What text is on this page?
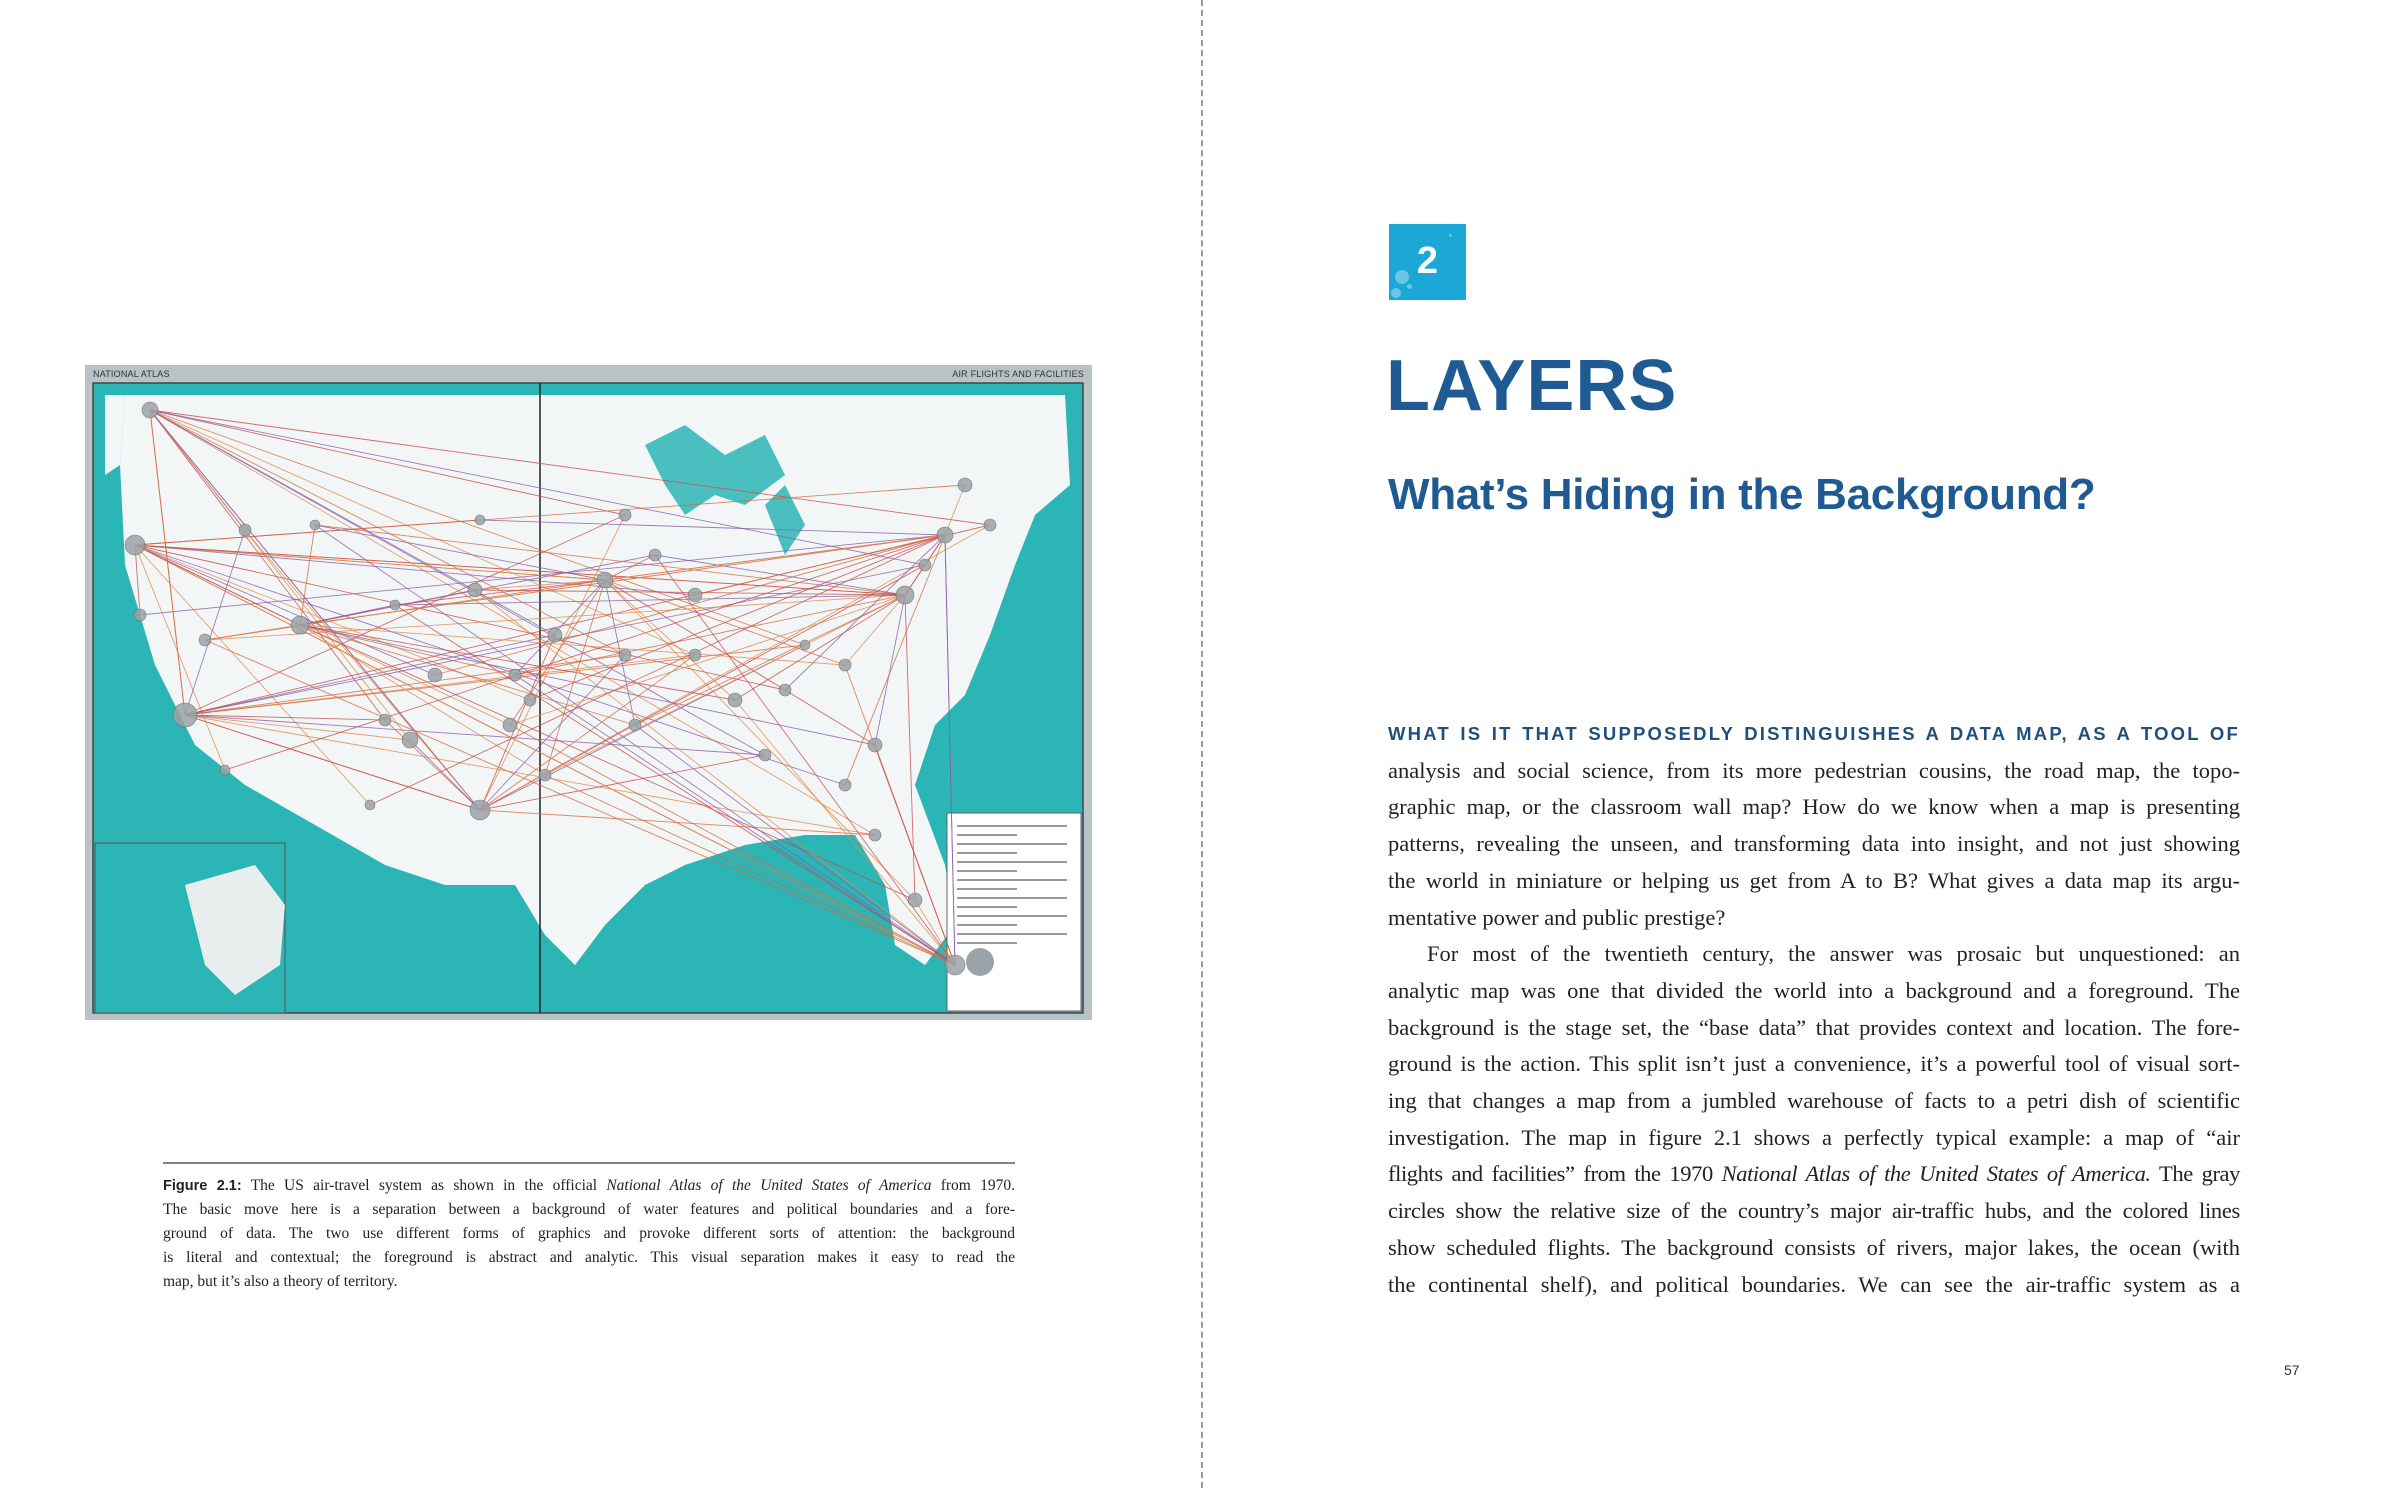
NATIONAL ATLAS	AIR FLIGHTS AND FACILITIES
Figure 2.1: The US air-travel system as shown in the official National Atlas of the United States of America from 1970.
The basic move here is a separation between a background of water features and political boundaries and a fore-
ground of data. The two use different forms of graphics and provoke different sorts of attention: the background
is literal and contextual; the foreground is abstract and analytic. This visual separation makes it easy to read the
map, but it’s also a theory of territory.
2
LAYERS
What’s Hiding in the Background?
WHAT IS IT THAT SUPPOSEDLY DISTINGUISHES A DATA MAP, AS A TOOL OF
analysis and social science, from its more pedestrian cousins, the road map, the topo-
graphic map, or the classroom wall map? How do we know when a map is presenting
patterns, revealing the unseen, and transforming data into insight, and not just showing
the world in miniature or helping us get from A to B? What gives a data map its argu-
mentative power and public prestige?
For most of the twentieth century, the answer was prosaic but unquestioned: an
analytic map was one that divided the world into a background and a foreground. The
background is the stage set, the “base data” that provides context and location. The fore-
ground is the action. This split isn’t just a convenience, it’s a powerful tool of visual sort-
ing that changes a map from a jumbled warehouse of facts to a petri dish of scientific
investigation. The map in figure 2.1 shows a perfectly typical example: a map of “air
flights and facilities” from the 1970 National Atlas of the United States of America. The gray
circles show the relative size of the country’s major air-traffic hubs, and the colored lines
show scheduled flights. The background consists of rivers, major lakes, the ocean (with
the continental shelf), and political boundaries. We can see the air-traffic system as a
57
